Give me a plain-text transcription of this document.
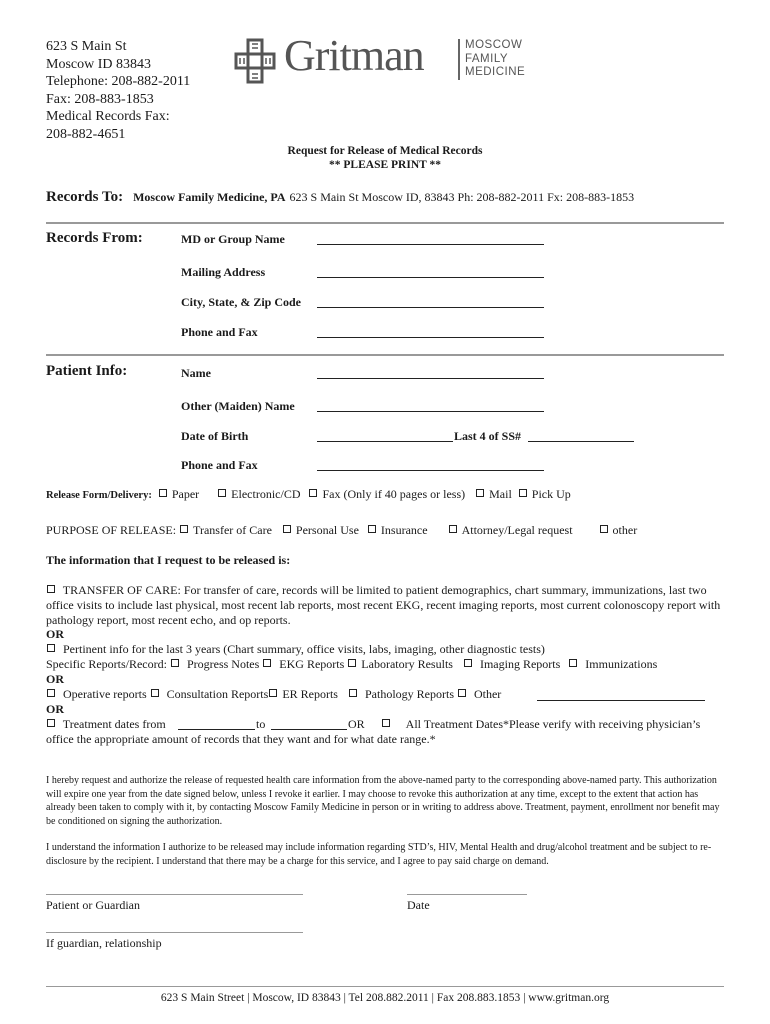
623 S Main St
Moscow ID 83843
Telephone: 208-882-2011
Fax: 208-883-1853
Medical Records Fax:
208-882-4651
Gritman	MOSCOW
FAMILY
MEDICINE
Request for Release of Medical Records
** PLEASE PRINT **
Records To: Moscow Family Medicine, PA 623 S Main St Moscow ID, 83843 Ph: 208-882-2011 Fx: 208-883-1853
Records From:	MD or Group Name
Mailing Address
City, State, & Zip Code
Phone and Fax
Patient Info:	Name
Other (Maiden) Name
Date of Birth	Last 4 of SS#
Phone and Fax
Release Form/Delivery: Paper	Electronic/CD Fax (Only if 40 pages or less) Mail Pick Up
PURPOSE OF RELEASE: Transfer of Care Personal Use Insurance	Attorney/Legal request	other
The information that I request to be released is:
TRANSFER OF CARE: For transfer of care, records will be limited to patient demographics, chart summary, immunizations, last two office visits to include last physical, most recent lab reports, most recent EKG, recent imaging reports, most current colonoscopy report with pathology report, most recent echo, and op reports.
OR
Pertinent info for the last 3 years (Chart summary, office visits, labs, imaging, other diagnostic tests)
Specific Reports/Record: Progress Notes EKG Reports Laboratory Results Imaging Reports Immunizations
OR
Operative reports Consultation Reports ER Reports Pathology Reports Other
OR
Treatment dates from	to	OR	All Treatment Dates*Please verify with receiving physician’s
office the appropriate amount of records that they want and for what date range.*
I hereby request and authorize the release of requested health care information from the above-named party to the corresponding above-named party. This authorization will expire one year from the date signed below, unless I revoke it earlier. I may choose to revoke this authorization at any time, except to the extent that action has already been taken to comply with it, by contacting Moscow Family Medicine in person or in writing to address above. Treatment, payment, enrollment nor benefit may be conditioned on signing the authorization.
I understand the information I authorize to be released may include information regarding STD’s, HIV, Mental Health and drug/alcohol treatment and be subject to re-disclosure by the recipient. I understand that there may be a charge for this service, and I agree to pay said charge on demand.
Patient or Guardian	Date
If guardian, relationship
623 S Main Street | Moscow, ID 83843 | Tel 208.882.2011 | Fax 208.883.1853 | www.gritman.org
